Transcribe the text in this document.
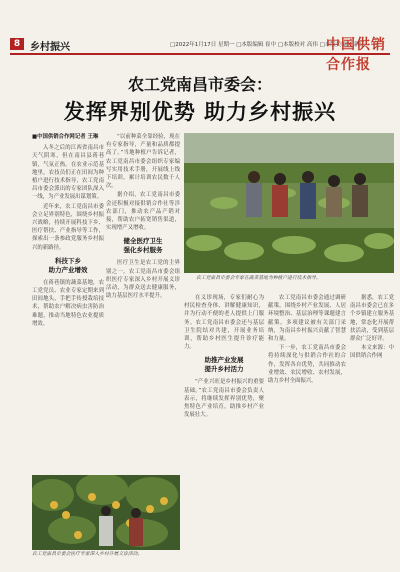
8 乡村振兴	□2022年1月17日 星期一 □本版编辑 崔中 □本版校对 高伟 □本版美编 王新乐
中国供销合作报
农工党南昌市委会：
发挥界别优势 助力乡村振兴

■中国供销合作网记者 王琳

入冬之后的江西省南昌市天气阴寒，但在南昌县蒋巷镇，气氛正热。在农业示范基地里，农技员们正在田间为种植户进行技术指导，农工党南昌市委会派出的专家团队深入一线，为产业发展出谋划策。

近年来，农工党南昌市委会立足界别特色，围绕乡村振兴战略，持续开展科技下乡、医疗帮扶、产业指导等工作，探索出一条参政党服务乡村振兴的新路径。

科技下乡
助力产业增效

在蒋巷镇的蔬菜基地，农工党党员、农业专家定期来到田间地头，手把手传授栽培技术，帮助农户解决病虫害防治难题，推动当地特色农业提质增效。

“以前种菜全靠经验，现在有专家指导，产量和品质都提高了。”当地种植户告诉记者，农工党南昌市委会组织专家编写实用技术手册，开展线上线下培训，累计培训农民数千人次。

据介绍，农工党南昌市委会还积极对接供销合作社等涉农部门，推动农产品产销对接，帮助农户拓宽销售渠道，实现增产又增收。

健全医疗卫生
强化乡村服务

医疗卫生是农工党的主界别之一。农工党南昌市委会组织医疗专家深入乡村开展义诊活动，为群众送去健康服务，助力基层医疗水平提升。

农工党南昌市委会专家在蔬菜基地为种植户进行技术指导。

在义诊现场，专家们耐心为村民检查身体、讲解健康知识，并为行动不便的老人提供上门服务。农工党南昌市委会还与基层卫生院结对共建，开展业务培训，帮助乡村医生提升诊疗能力。

助推产业发展
提升乡村活力

“产业兴旺是乡村振兴的重要基础。”农工党南昌市委会负责人表示，将继续发挥界别优势，聚焦特色产业培育，助推乡村产业发展壮大。

农工党南昌市委会通过调研献策，围绕乡村产业发展、人居环境整治、基层治理等课题建言献策，多项建议被有关部门采纳，为南昌乡村振兴贡献了智慧和力量。

下一步，农工党南昌市委会将持续深化与供销合作社的合作，发挥各自优势，共同推动农业增效、农民增收、农村发展，助力乡村全面振兴。

据悉，农工党南昌市委会已在多个乡镇建立服务基地，常态化开展帮扶活动，受到基层群众广泛好评。

本文来源：中国供销合作网

农工党南昌市委会医疗专家深入乡村开展义诊活动。
